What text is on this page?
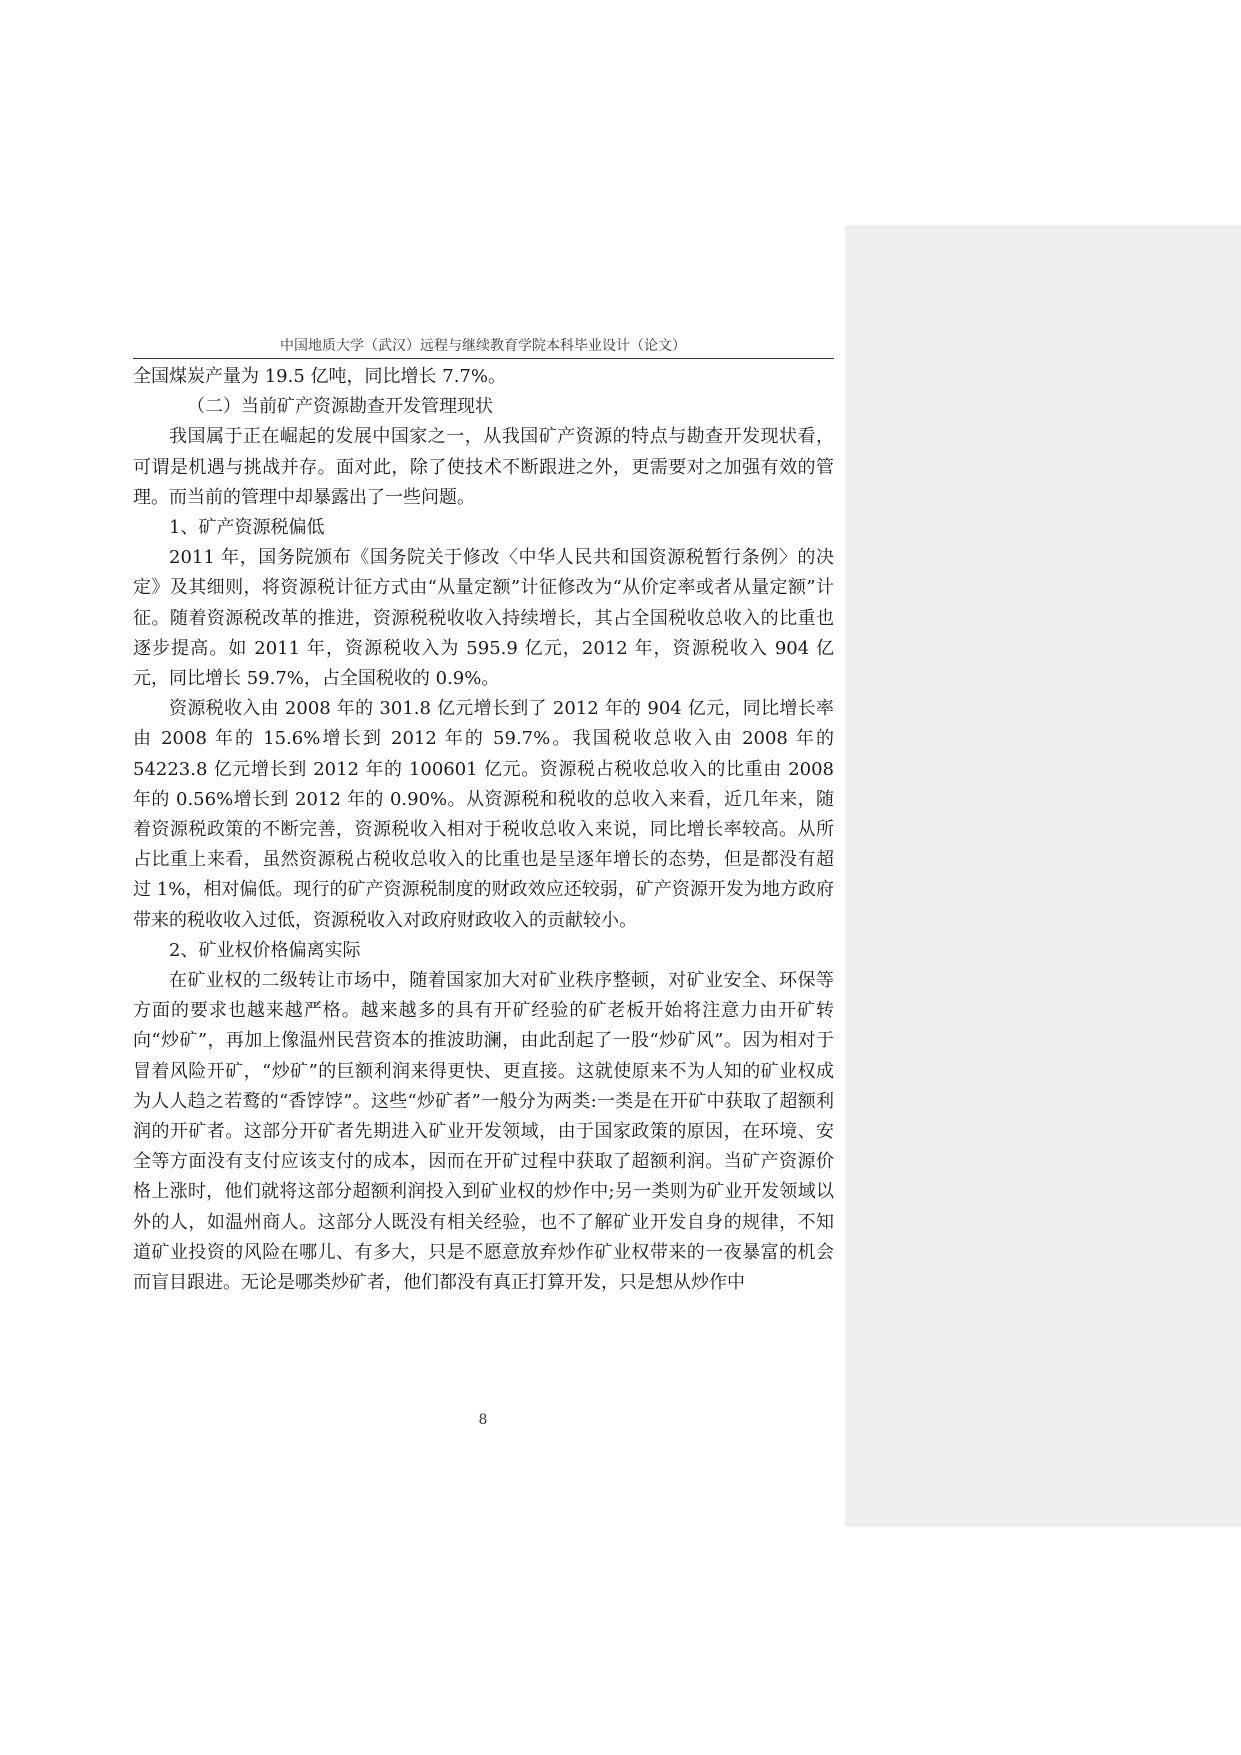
中国地质大学（武汉）远程与继续教育学院本科毕业设计（论文）

全国煤炭产量为 19.5 亿吨，同比增长 7.7%。

（二）当前矿产资源勘查开发管理现状

我国属于正在崛起的发展中国家之一，从我国矿产资源的特点与勘查开发现状看，可谓是机遇与挑战并存。面对此，除了使技术不断跟进之外，更需要对之加强有效的管理。而当前的管理中却暴露出了一些问题。

1、矿产资源税偏低

2011 年，国务院颁布《国务院关于修改〈中华人民共和国资源税暂行条例〉的决定》及其细则，将资源税计征方式由“从量定额”计征修改为“从价定率或者从量定额”计征。随着资源税改革的推进，资源税税收收入持续增长，其占全国税收总收入的比重也逐步提高。如 2011 年，资源税收入为 595.9 亿元，2012 年，资源税收入 904 亿元，同比增长 59.7%，占全国税收的 0.9%。

资源税收入由 2008 年的 301.8 亿元增长到了 2012 年的 904 亿元，同比增长率由 2008 年的 15.6%增长到 2012 年的 59.7%。我国税收总收入由 2008 年的 54223.8 亿元增长到 2012 年的 100601 亿元。资源税占税收总收入的比重由 2008 年的 0.56%增长到 2012 年的 0.90%。从资源税和税收的总收入来看，近几年来，随着资源税政策的不断完善，资源税收入相对于税收总收入来说，同比增长率较高。从所占比重上来看，虽然资源税占税收总收入的比重也是呈逐年增长的态势，但是都没有超过 1%，相对偏低。现行的矿产资源税制度的财政效应还较弱，矿产资源开发为地方政府带来的税收收入过低，资源税收入对政府财政收入的贡献较小。

2、矿业权价格偏离实际

在矿业权的二级转让市场中，随着国家加大对矿业秩序整顿，对矿业安全、环保等方面的要求也越来越严格。越来越多的具有开矿经验的矿老板开始将注意力由开矿转向“炒矿”，再加上像温州民营资本的推波助澜，由此刮起了一股“炒矿风”。因为相对于冒着风险开矿，“炒矿”的巨额利润来得更快、更直接。这就使原来不为人知的矿业权成为人人趋之若鹜的“香饽饽”。这些“炒矿者”一般分为两类:一类是在开矿中获取了超额利润的开矿者。这部分开矿者先期进入矿业开发领域，由于国家政策的原因，在环境、安全等方面没有支付应该支付的成本，因而在开矿过程中获取了超额利润。当矿产资源价格上涨时，他们就将这部分超额利润投入到矿业权的炒作中;另一类则为矿业开发领域以外的人，如温州商人。这部分人既没有相关经验，也不了解矿业开发自身的规律，不知道矿业投资的风险在哪儿、有多大，只是不愿意放弃炒作矿业权带来的一夜暴富的机会而盲目跟进。无论是哪类炒矿者，他们都没有真正打算开发，只是想从炒作中

8
